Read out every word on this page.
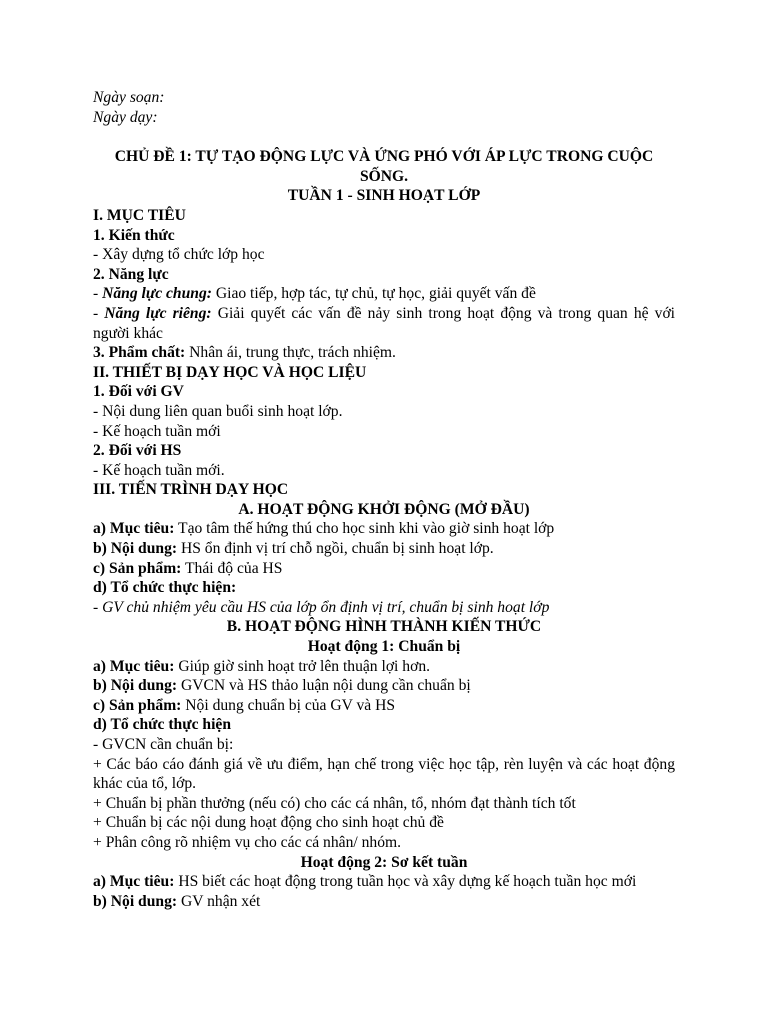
Ngày soạn:
Ngày dạy:
CHỦ ĐỀ 1: TỰ TẠO ĐỘNG LỰC VÀ ỨNG PHÓ VỚI ÁP LỰC TRONG CUỘC SỐNG.
TUẦN 1 - SINH HOẠT LỚP
I. MỤC TIÊU
1. Kiến thức
- Xây dựng tổ chức lớp học
2. Năng lực
- Năng lực chung: Giao tiếp, hợp tác, tự chủ, tự học, giải quyết vấn đề
- Năng lực riêng: Giải quyết các vấn đề nảy sinh trong hoạt động và trong quan hệ với người khác
3. Phẩm chất: Nhân ái, trung thực, trách nhiệm.
II. THIẾT BỊ DẠY HỌC VÀ HỌC LIỆU
1. Đối với GV
- Nội dung liên quan buổi sinh hoạt lớp.
- Kế hoạch tuần mới
2. Đối với HS
- Kế hoạch tuần mới.
III. TIẾN TRÌNH DẠY HỌC
A. HOẠT ĐỘNG KHỞI ĐỘNG (MỞ ĐẦU)
a) Mục tiêu: Tạo tâm thế hứng thú cho học sinh khi vào giờ sinh hoạt lớp
b) Nội dung: HS ổn định vị trí chỗ ngồi, chuẩn bị sinh hoạt lớp.
c) Sản phẩm: Thái độ của HS
d) Tổ chức thực hiện:
- GV chủ nhiệm yêu cầu HS của lớp ổn định vị trí, chuẩn bị sinh hoạt lớp
B. HOẠT ĐỘNG HÌNH THÀNH KIẾN THỨC
Hoạt động 1: Chuẩn bị
a) Mục tiêu: Giúp giờ sinh hoạt trở lên thuận lợi hơn.
b) Nội dung: GVCN và HS thảo luận nội dung cần chuẩn bị
c) Sản phẩm: Nội dung chuẩn bị của GV và HS
d) Tổ chức thực hiện
- GVCN cần chuẩn bị:
+ Các báo cáo đánh giá về ưu điểm, hạn chế trong việc học tập, rèn luyện và các hoạt động khác của tổ, lớp.
+ Chuẩn bị phần thưởng (nếu có) cho các cá nhân, tổ, nhóm đạt thành tích tốt
+ Chuẩn bị các nội dung hoạt động cho sinh hoạt chủ đề
+ Phân công rõ nhiệm vụ cho các cá nhân/ nhóm.
Hoạt động 2: Sơ kết tuần
a) Mục tiêu: HS biết các hoạt động trong tuần học và xây dựng kế hoạch tuần học mới
b) Nội dung: GV nhận xét
